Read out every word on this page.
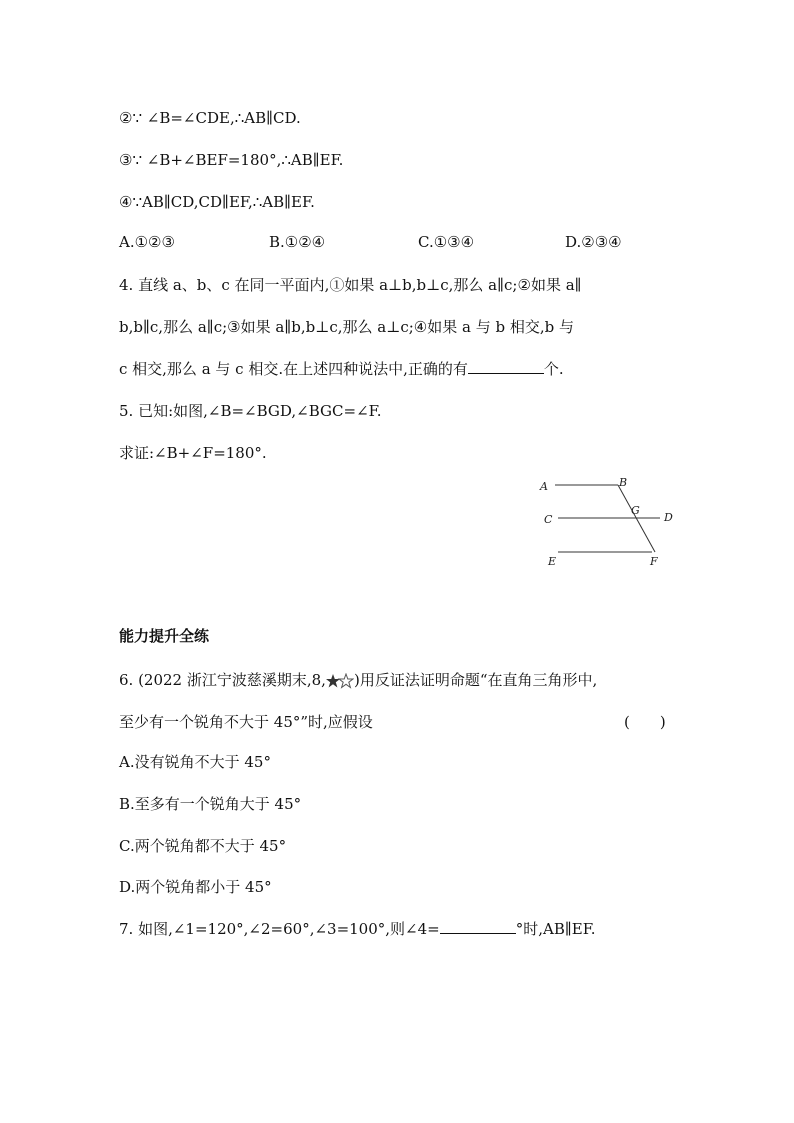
②∵ ∠B=∠CDE,∴AB∥CD.
③∵ ∠B+∠BEF=180°,∴AB∥EF.
④∵AB∥CD,CD∥EF,∴AB∥EF.
A.①②③	B.①②④	C.①③④	D.②③④
4. 直线 a、b、c 在同一平面内,①如果 a⊥b,b⊥c,那么 a∥c;②如果 a∥
b,b∥c,那么 a∥c;③如果 a∥b,b⊥c,那么 a⊥c;④如果 a 与 b 相交,b 与
c 相交,那么 a 与 c 相交.在上述四种说法中,正确的有	个.
5. 已知:如图,∠B=∠BGD,∠BGC=∠F.
求证:∠B+∠F=180°.
A	B
G
C	D
E	F
能力提升全练
6. (2022 浙江宁波慈溪期末,8, )用反证法证明命题“在直角三角形中,
至少有一个锐角不大于 45°”时,应假设	(　　)
A.没有锐角不大于 45°
B.至多有一个锐角大于 45°
C.两个锐角都不大于 45°
D.两个锐角都小于 45°
7. 如图,∠1=120°,∠2=60°,∠3=100°,则∠4=	°时,AB∥EF.
